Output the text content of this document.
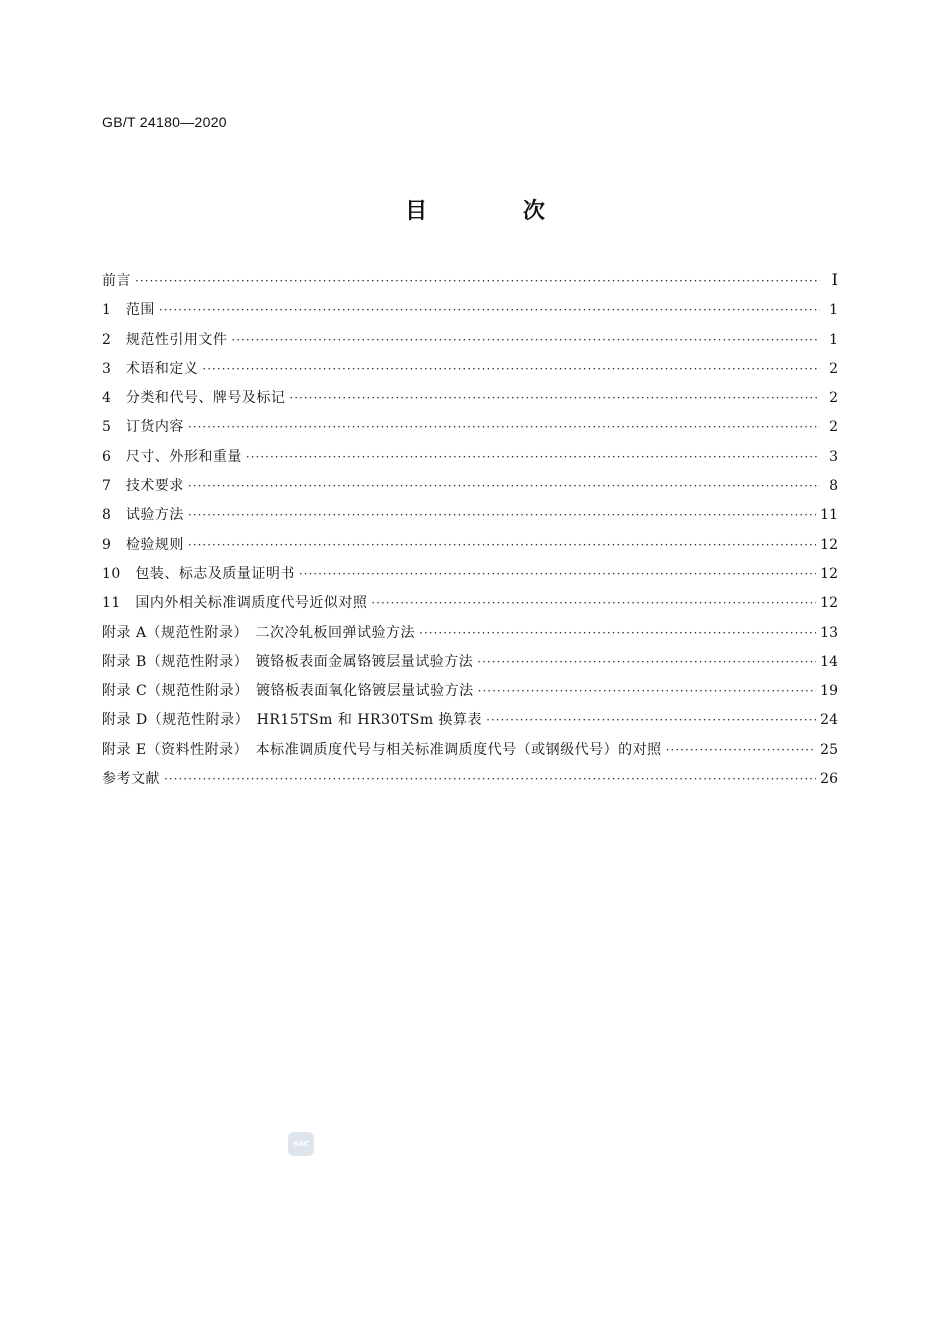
GB/T 24180—2020
目 次
前言 ·····	I
1　范围 ·····	1
2　规范性引用文件 ·····	1
3　术语和定义 ·····	2
4　分类和代号、牌号及标记 ·····	2
5　订货内容 ·····	2
6　尺寸、外形和重量 ·····	3
7　技术要求 ·····	8
8　试验方法 ·····	11
9　检验规则 ·····	12
10　包装、标志及质量证明书 ·····	12
11　国内外相关标准调质度代号近似对照 ·····	12
附录 A（规范性附录）　二次冷轧板回弹试验方法 ·····	13
附录 B（规范性附录）　镀铬板表面金属铬镀层量试验方法 ·····	14
附录 C（规范性附录）　镀铬板表面氧化铬镀层量试验方法 ·····	19
附录 D（规范性附录）　HR15TSm 和 HR30TSm 换算表 ·····	24
附录 E（资料性附录）　本标准调质度代号与相关标准调质度代号（或钢级代号）的对照 ·····	25
参考文献 ·····	26
SAC
